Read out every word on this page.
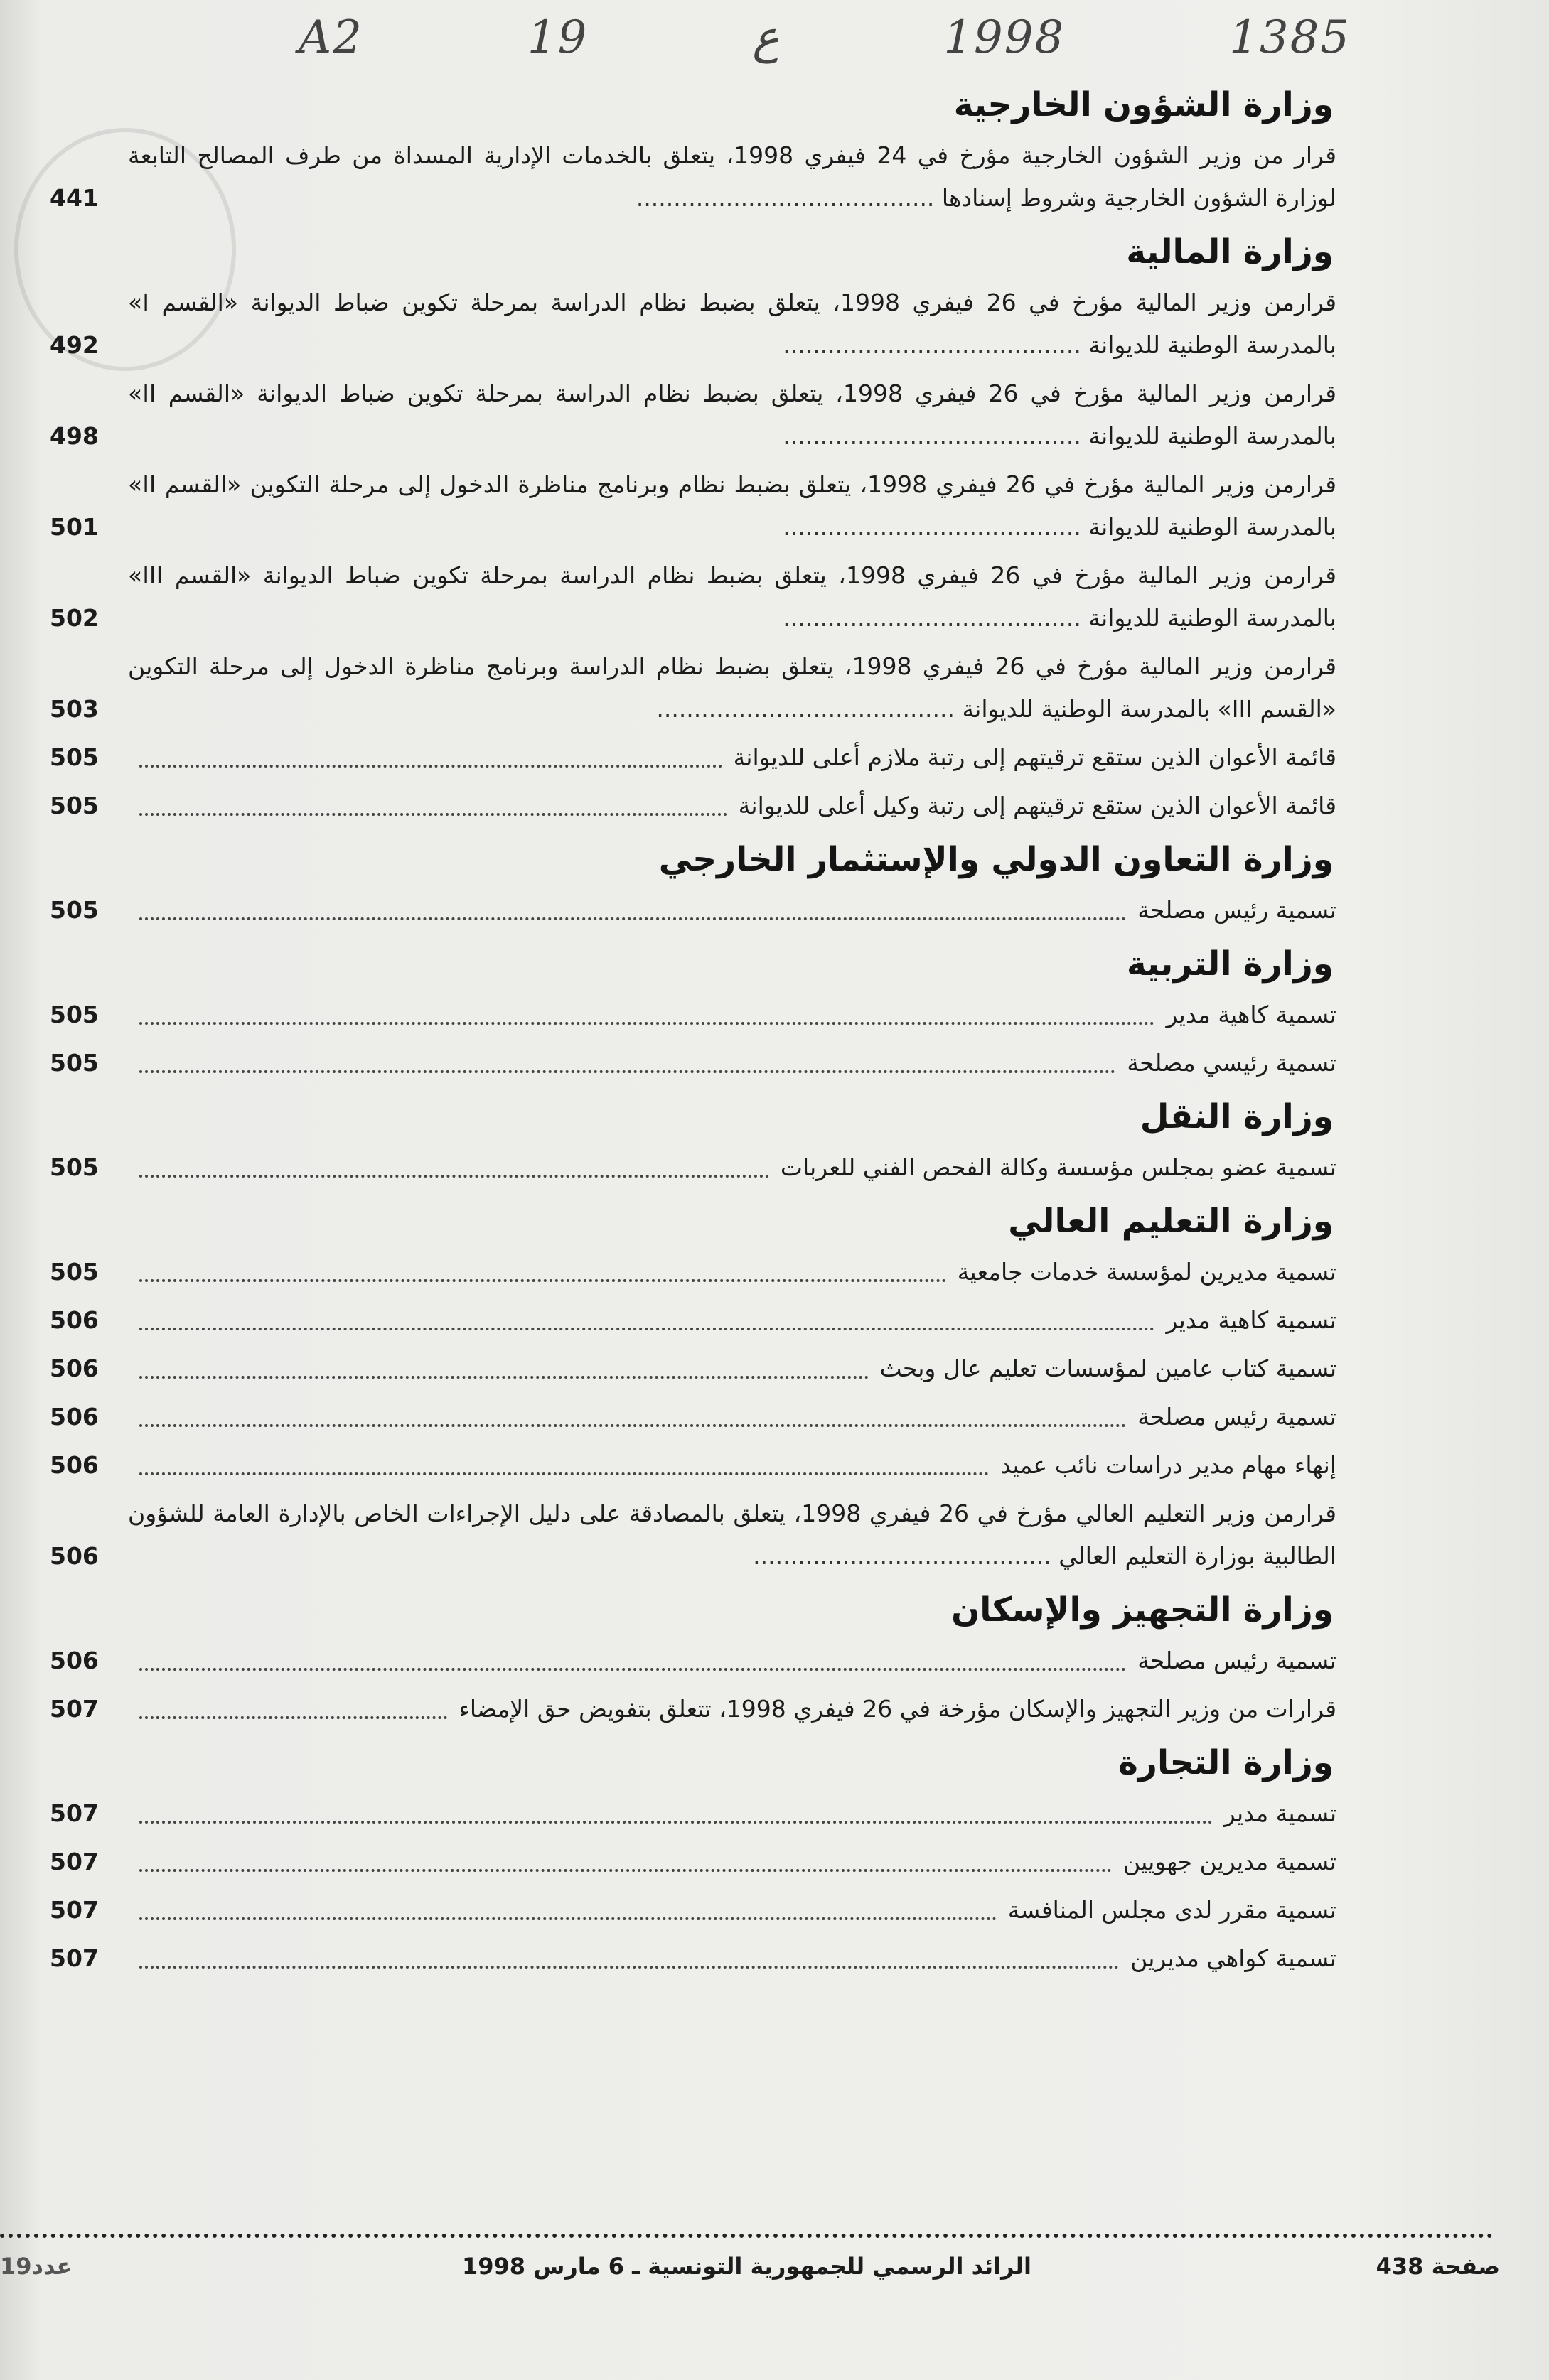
A2	19	ع	1998	1385
وزارة الشؤون الخارجية
قرار من وزير الشؤون الخارجية مؤرخ في 24 فيفري 1998، يتعلق بالخدمات الإدارية المسداة من طرف المصالح التابعة لوزارة الشؤون الخارجية وشروط إسنادها ........................................
441
وزارة المالية
قرارمن وزير المالية مؤرخ في 26 فيفري 1998، يتعلق بضبط نظام الدراسة بمرحلة تكوين ضباط الديوانة «القسم I» بالمدرسة الوطنية للديوانة ........................................
492
قرارمن وزير المالية مؤرخ في 26 فيفري 1998، يتعلق بضبط نظام الدراسة بمرحلة تكوين ضباط الديوانة «القسم II» بالمدرسة الوطنية للديوانة ........................................
498
قرارمن وزير المالية مؤرخ في 26 فيفري 1998، يتعلق بضبط نظام وبرنامج مناظرة الدخول إلى مرحلة التكوين «القسم II» بالمدرسة الوطنية للديوانة ........................................
501
قرارمن وزير المالية مؤرخ في 26 فيفري 1998، يتعلق بضبط نظام الدراسة بمرحلة تكوين ضباط الديوانة «القسم III» بالمدرسة الوطنية للديوانة ........................................
502
قرارمن وزير المالية مؤرخ في 26 فيفري 1998، يتعلق بضبط نظام الدراسة وبرنامج مناظرة الدخول إلى مرحلة التكوين «القسم III» بالمدرسة الوطنية للديوانة ........................................
503
قائمة الأعوان الذين ستقع ترقيتهم إلى رتبة ملازم أعلى للديوانة
505
قائمة الأعوان الذين ستقع ترقيتهم إلى رتبة وكيل أعلى للديوانة
505
وزارة التعاون الدولي والإستثمار الخارجي
تسمية رئيس مصلحة
505
وزارة التربية
تسمية كاهية مدير
505
تسمية رئيسي مصلحة
505
وزارة النقل
تسمية عضو بمجلس مؤسسة وكالة الفحص الفني للعربات
505
وزارة التعليم العالي
تسمية مديرين لمؤسسة خدمات جامعية
505
تسمية كاهية مدير
506
تسمية كتاب عامين لمؤسسات تعليم عال وبحث
506
تسمية رئيس مصلحة
506
إنهاء مهام مدير دراسات نائب عميد
506
قرارمن وزير التعليم العالي مؤرخ في 26 فيفري 1998، يتعلق بالمصادقة على دليل الإجراءات الخاص بالإدارة العامة للشؤون الطالبية بوزارة التعليم العالي ........................................
506
وزارة التجهيز والإسكان
تسمية رئيس مصلحة
506
قرارات من وزير التجهيز والإسكان مؤرخة في 26 فيفري 1998، تتعلق بتفويض حق الإمضاء
507
وزارة التجارة
تسمية مدير
507
تسمية مديرين جهويين
507
تسمية مقرر لدى مجلس المنافسة
507
تسمية كواهي مديرين
507
عدد19	الرائد الرسمي للجمهورية التونسية ـ 6 مارس 1998	صفحة 438
